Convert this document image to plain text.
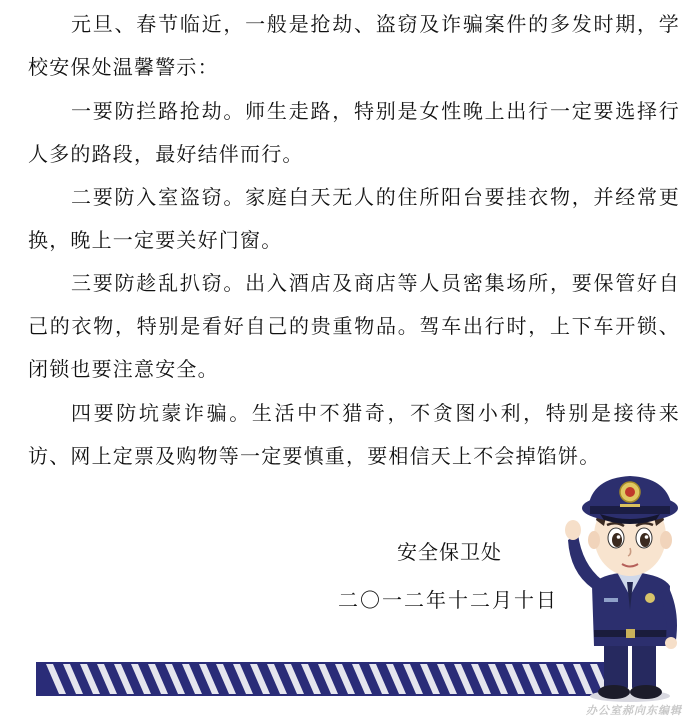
元旦、春节临近，一般是抢劫、盗窃及诈骗案件的多发时期，学校安保处温馨警示：

一要防拦路抢劫。师生走路，特别是女性晚上出行一定要选择行人多的路段，最好结伴而行。

二要防入室盗窃。家庭白天无人的住所阳台要挂衣物，并经常更换，晚上一定要关好门窗。

三要防趁乱扒窃。出入酒店及商店等人员密集场所，要保管好自己的衣物，特别是看好自己的贵重物品。驾车出行时，上下车开锁、闭锁也要注意安全。

四要防坑蒙诈骗。生活中不猎奇，不贪图小利，特别是接待来访、网上定票及购物等一定要慎重，要相信天上不会掉馅饼。

安全保卫处

二〇一二年十二月十日

办公室郝向东编辑
